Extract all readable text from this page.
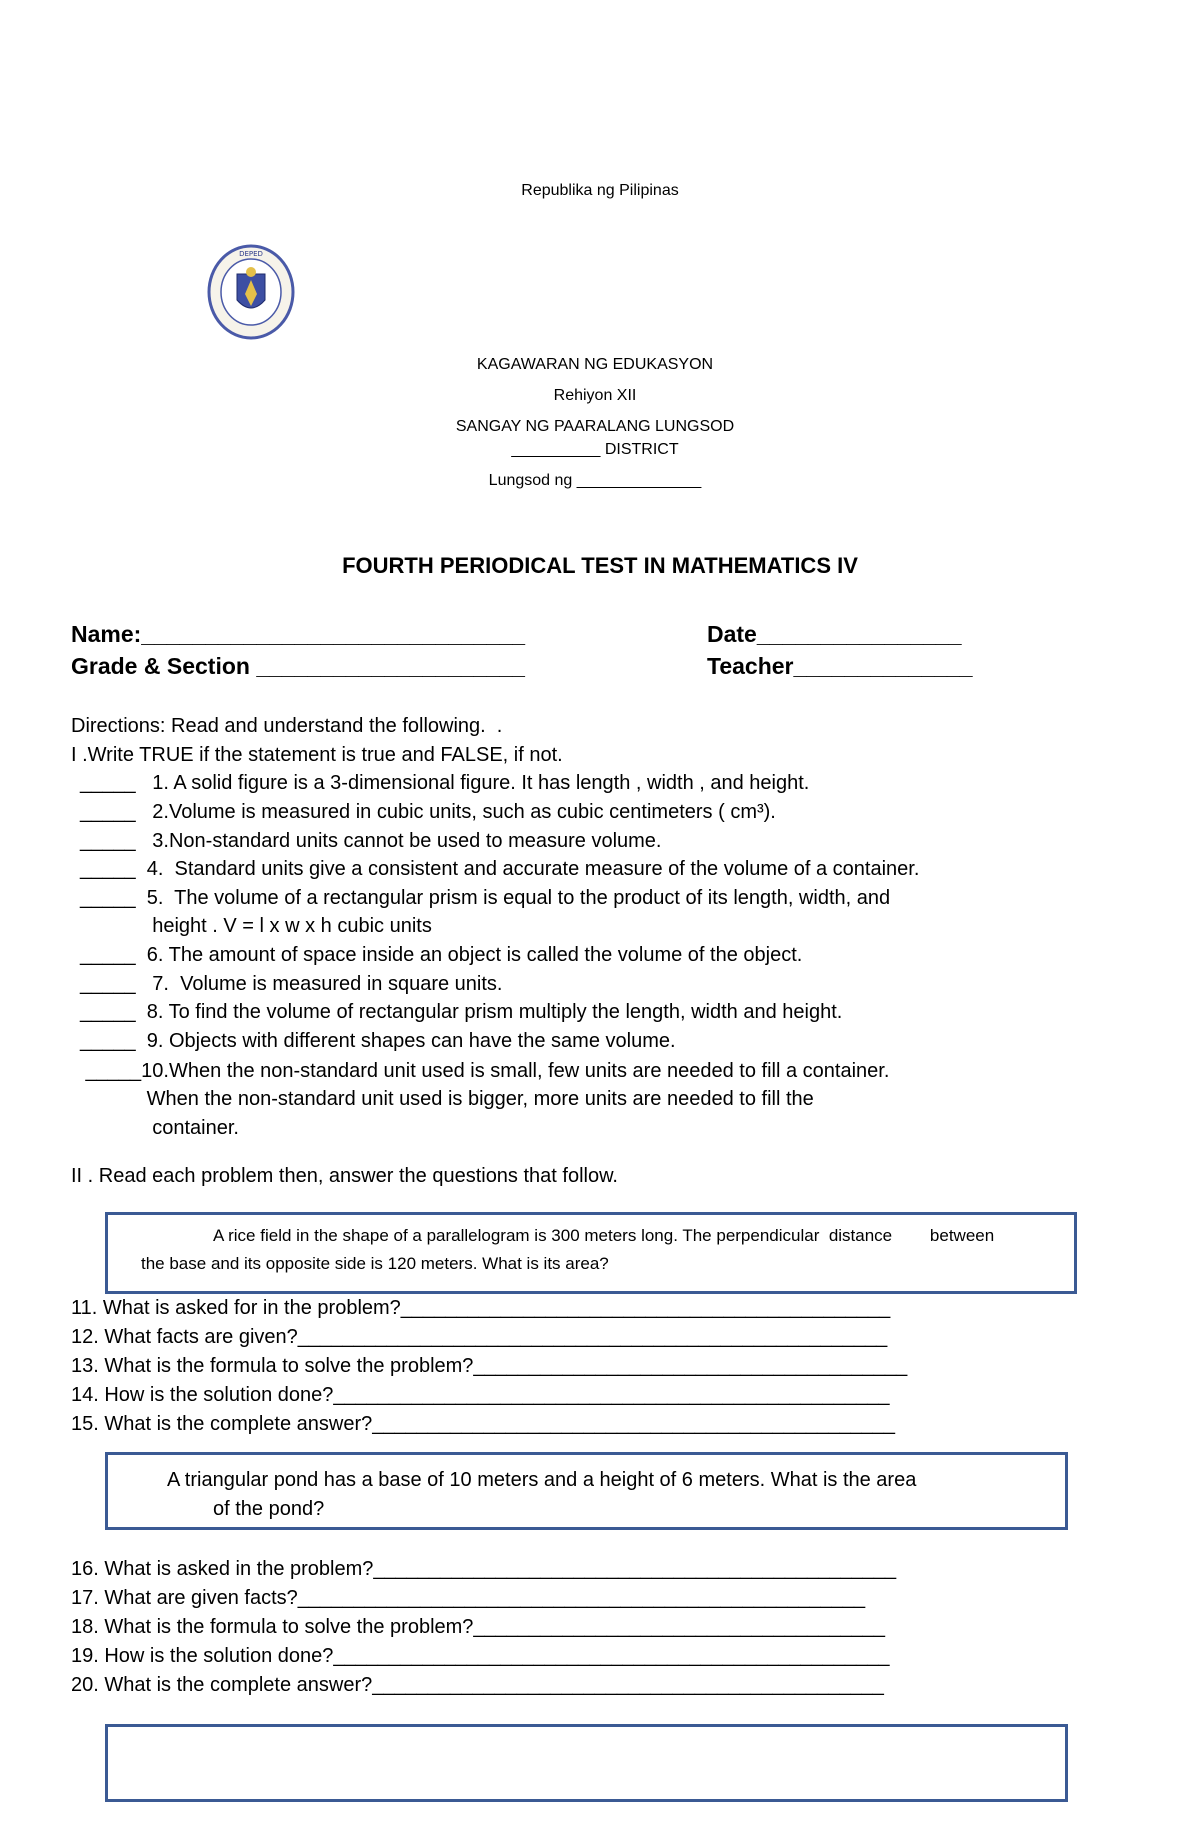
Republika ng Pilipinas
DEPED
KAGAWARAN NG EDUKASYON
Rehiyon XII
SANGAY NG PAARALANG LUNGSOD
__________ DISTRICT
Lungsod ng ______________
FOURTH PERIODICAL TEST IN MATHEMATICS IV
Name:______________________________	Date________________
Grade & Section _____________________	Teacher______________
Directions: Read and understand the following.  .
I .Write TRUE if the statement is true and FALSE, if not.
_____   1. A solid figure is a 3-dimensional figure. It has length , width , and height.
_____   2.Volume is measured in cubic units, such as cubic centimeters ( cm³).
_____   3.Non-standard units cannot be used to measure volume.
_____  4.  Standard units give a consistent and accurate measure of the volume of a container.
_____  5.  The volume of a rectangular prism is equal to the product of its length, width, and
height . V = l x w x h cubic units
_____  6. The amount of space inside an object is called the volume of the object.
_____   7.  Volume is measured in square units.
_____  8. To find the volume of rectangular prism multiply the length, width and height.
_____  9. Objects with different shapes can have the same volume.
_____10.When the non-standard unit used is small, few units are needed to fill a container.
When the non-standard unit used is bigger, more units are needed to fill the
container.
II . Read each problem then, answer the questions that follow.
A rice field in the shape of a parallelogram is 300 meters long. The perpendicular  distance        between
the base and its opposite side is 120 meters. What is its area?
11. What is asked for in the problem?____________________________________________
12. What facts are given?_____________________________________________________
13. What is the formula to solve the problem?_______________________________________
14. How is the solution done?__________________________________________________
15. What is the complete answer?_______________________________________________
A triangular pond has a base of 10 meters and a height of 6 meters. What is the area
of the pond?
16. What is asked in the problem?_______________________________________________
17. What are given facts?___________________________________________________
18. What is the formula to solve the problem?_____________________________________
19. How is the solution done?__________________________________________________
20. What is the complete answer?______________________________________________
